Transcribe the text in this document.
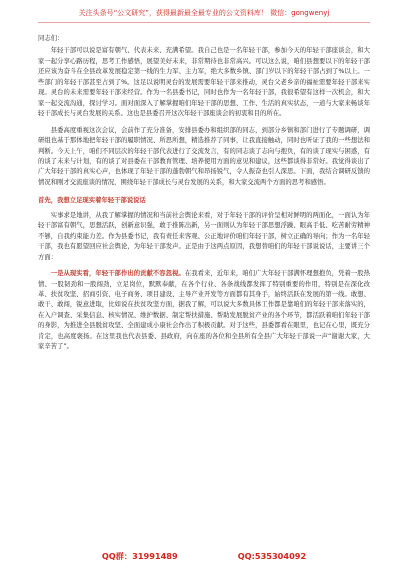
关注头条号“公文研究”，获得最新最全最专业的公文资料库！ 微信：gongwenyj

同志们：

年轻干部可以说是富有朝气、代表未来、充满希望。我自己也是一名年轻干部，参加今天的年轻干部座谈会，和大家一起分享心路历程，思考工作感悟，展望美好未来，非常期待也非常高兴。可以这么说，咱们县想要以下的年轻干部还应该为奋斗在全县改革发展稳定第一线的生力军、主力军，绝大多数乡镇、部门岁以下的年轻干部占到了%以上。一些部门的年轻干部甚至占到了%。这足以说明灵台的发展需要年轻干部来推动，灵台父老乡亲的福祉需要年轻干部来实现。灵台的未来需要年轻干部来经营。作为一名县委书记，同时也作为一名年轻干部，我很希望有这样一次机会，和大家一起交流沟通，探讨学习。面对面深入了解掌握咱们年轻干部的思想、工作、生活的真实状态，一道与大家来畅谈年轻干部成长与灵台发展的关系。这也是县委召开这次年轻干部座谈会的初衷和目的所在。

县委高度重视这次会议，会前作了充分准备，安排县委办和组织部的同志，到部分乡镇和部门进行了专题调研，调研组也基于那体地把年轻干部的履职情况、所思所想，精选推荐了同事，让我直接触动，同时也听证了我的一些想法和判断。今天上午，咱们不同层次的年轻干部代表进行了交流发言，有的同志谈了志向与抱负，有的谈了现实与困惑，有的谈了未来与计划，有的谈了对县委在干部教育管理、培养使用方面的意见和建议，这些都谈得非常好。我觉得谈出了广大年轻干部的真实心声，也体现了年轻干部的蓬勃朝气和昂扬锐气，令人振奋也引人深思。下面，我结合调研反馈的情况和刚才交流座谈的情况，围绕年轻干部成长与灵台发展的关系，和大家交流两个方面的思考和感悟。

首先，我想立足现实着年轻干部说说话

实事求是地讲，从我了解掌握的情况和当前社会舆论来看，对于年轻干部的评价呈相对鲜明的两面化，一面认为年轻干部富有朝气，思想活跃，创新意识强，敢于推陈出新，另一面则认为年轻干部思想浮躁、眼高手低、吃苦耐劳精神不够，自我约束能力差。作为县委书记，我有责任来客观、公正地评价咱们年轻干部，树立正确的导向；作为一名年轻干部，我也有愿望回应社会舆论，为年轻干部发声。正是由于这两点原因，我想替咱们的年轻干部说说话，主要讲三个方面：

一是从现实看，年轻干部作出的贡献不容忽视。在我看来，近年来，咱们广大年轻干部满怀理想抱负，凭着一股热情、一股韧劲和一股闯劲，立足岗位，默默奉献，在各个行业、各条战线都发挥了特别重要的作用，特别是在深化改革、扶贫攻坚、招商引资、电子商务、项目建设、主导产业开发等方面都有其身手，始终活跃在发展的第一线。敢想、敢干、敢闯，锐意进取，比如说在扶贫攻坚方面，据我了解，可以说大多数具体工作都是靠咱们的年轻干部来落实的，在入户调查、采集信息、核实情况、维护数据、制定帮扶措施、帮助发展脱贫产业的各个环节，都活跃着咱们年轻干部的身影，为推进全县脱贫攻坚、全面建成小康社会作出了积极贡献。对于这些，县委都看在眼里，也记在心里，既充分肯定，也高度褒扬。在这里我也代表县委、县政府，向在座的各位和全县所有全县广大年轻干部说一声“谢谢大家，大家辛苦了”。

QQ群：31991489	QQ:535304092
